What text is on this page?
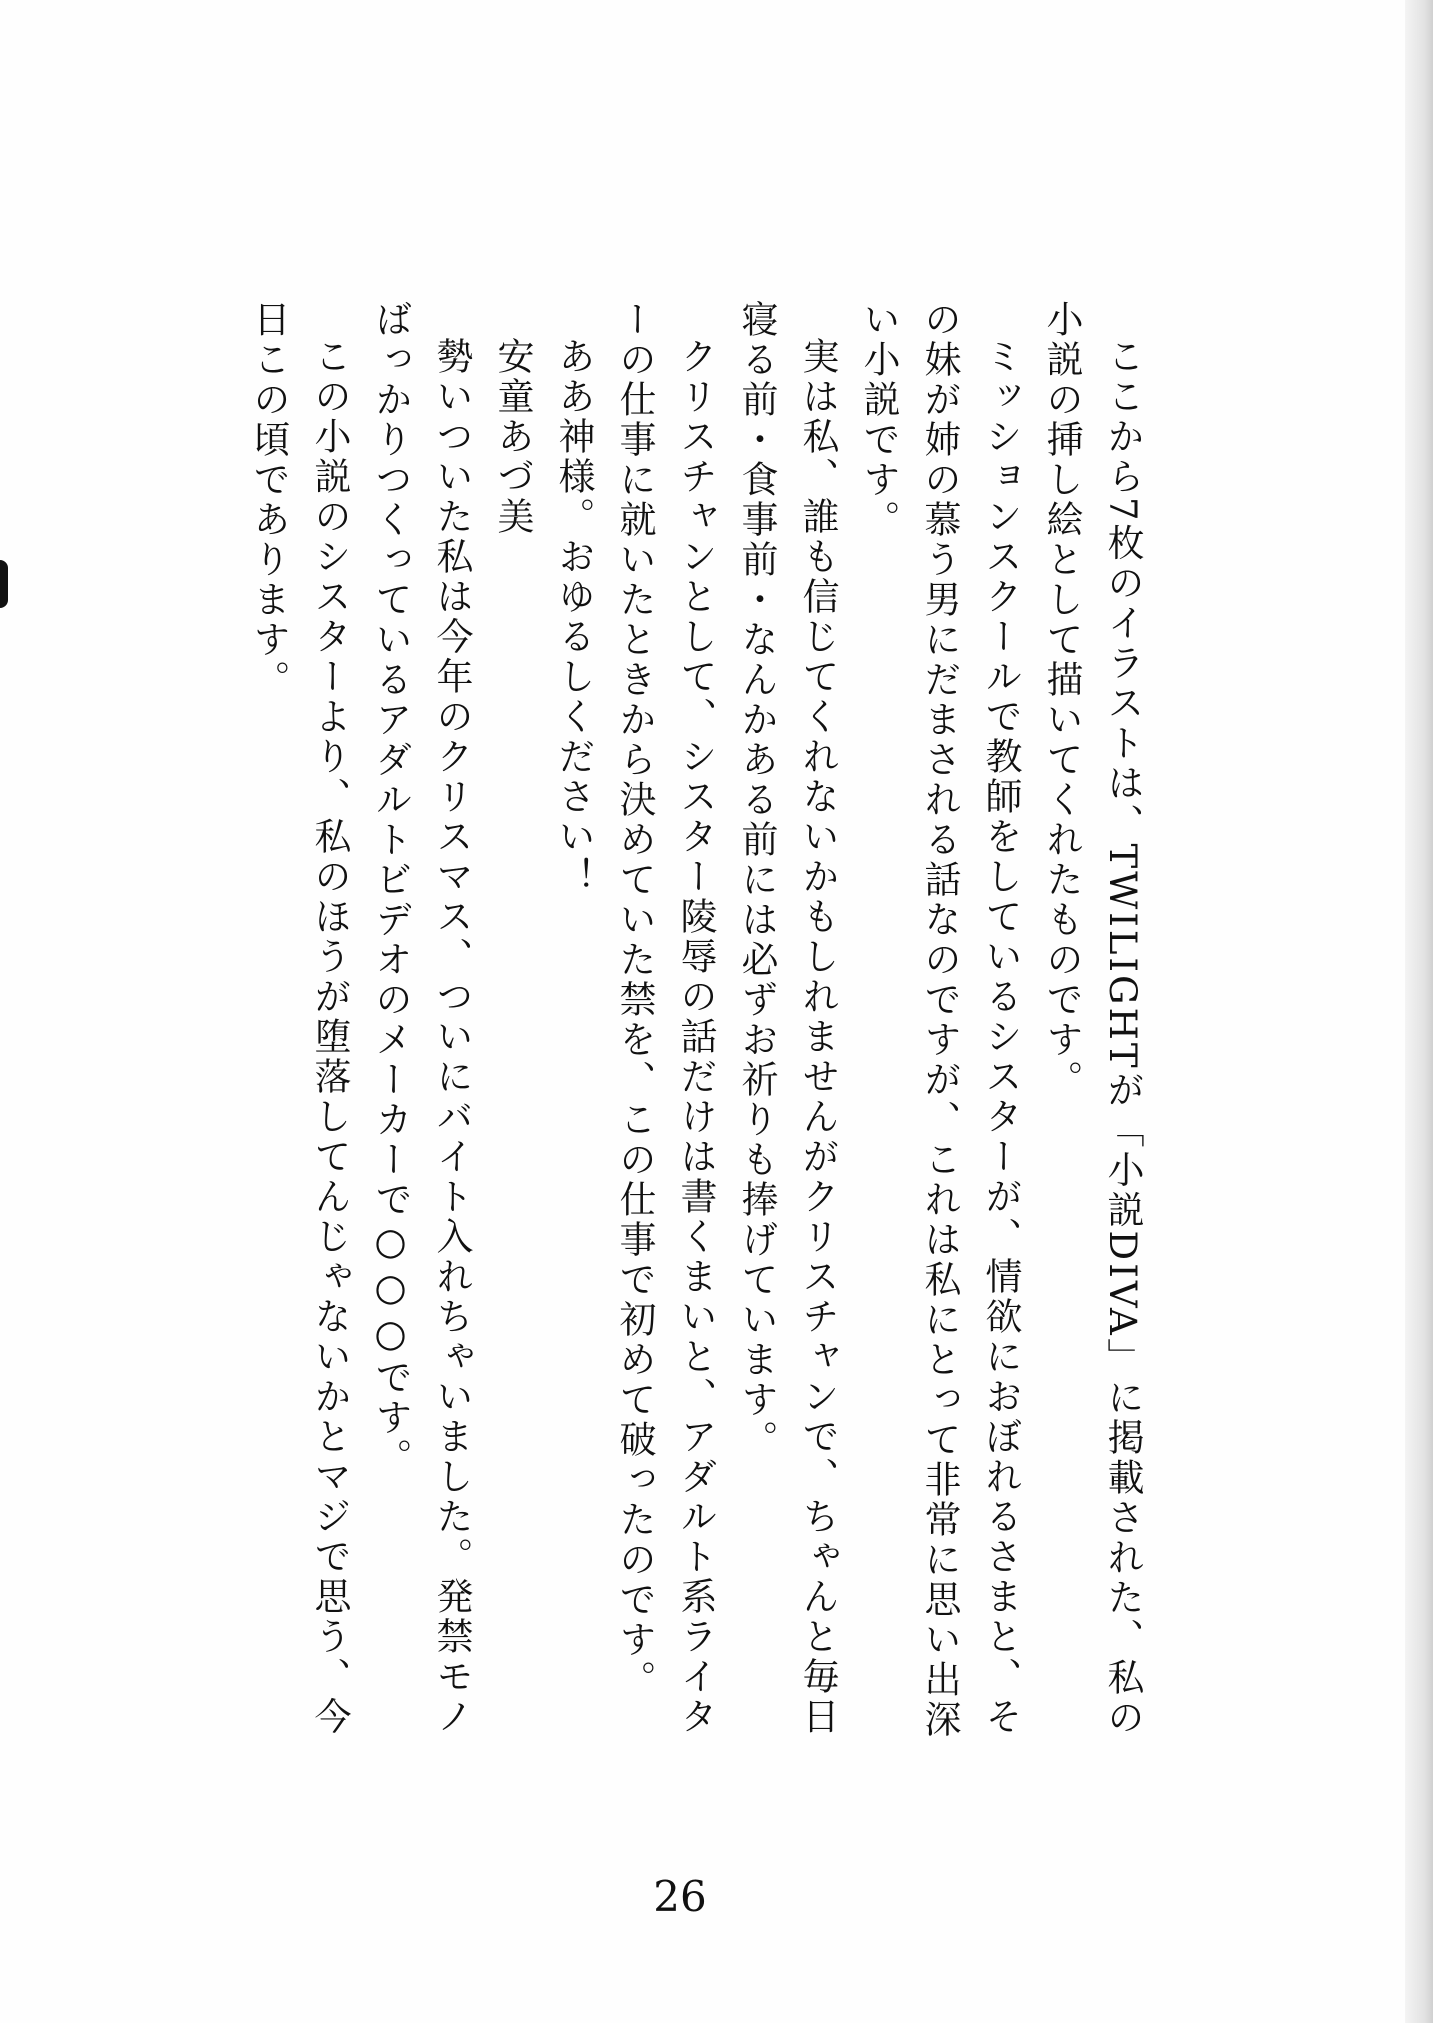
ここから7枚のイラストは、TWILIGHTが「小説DIVA」に掲載された、私の小説の挿し絵として描いてくれたものです。

ミッションスクールで教師をしているシスターが、情欲におぼれるさまと、その妹が姉の慕う男にだまされる話なのですが、これは私にとって非常に思い出深い小説です。

実は私、誰も信じてくれないかもしれませんがクリスチャンで、ちゃんと毎日寝る前・食事前・なんかある前には必ずお祈りも捧げています。

クリスチャンとして、シスター陵辱の話だけは書くまいと、アダルト系ライターの仕事に就いたときから決めていた禁を、この仕事で初めて破ったのです。

ああ神様。おゆるしください！

安童あづ美

勢いついた私は今年のクリスマス、ついにバイト入れちゃいました。発禁モノばっかりつくっているアダルトビデオのメーカーで○○○です。

この小説のシスターより、私のほうが堕落してんじゃないかとマジで思う、今日この頃であります。

26
